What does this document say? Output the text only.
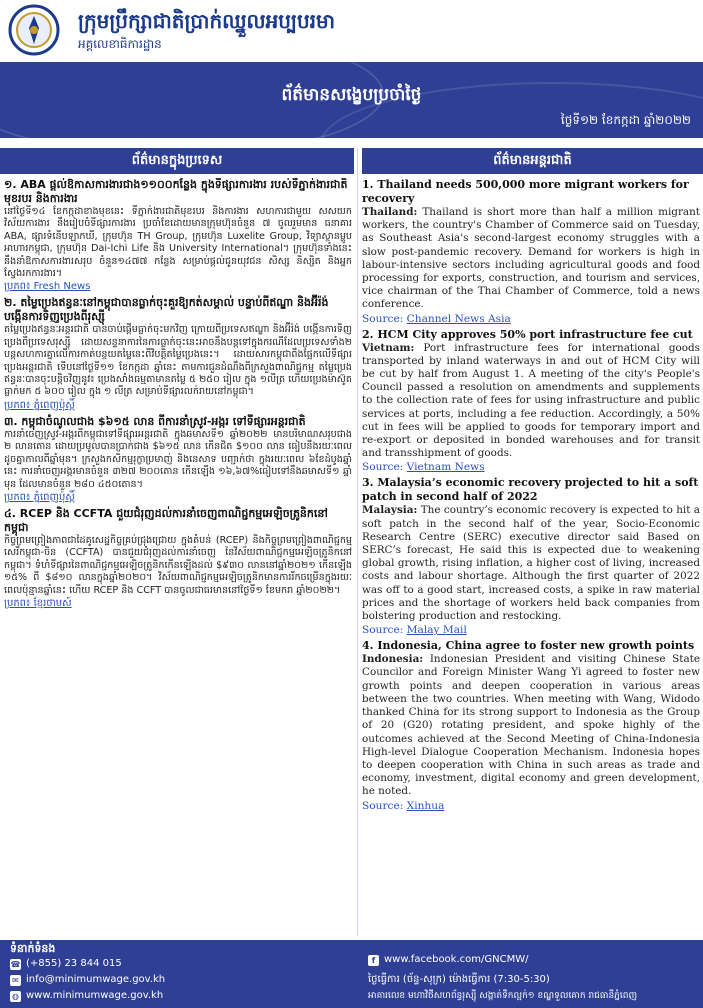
ក្រុមប្រឹក្សាជាតិប្រាក់ឈ្នួលអប្បបរមា
អគ្គលេខាធិការដ្ឋាន
ព័ត៌មានសង្ខេបប្រចាំថ្ងៃ
ថ្ងៃទី១២ ខែកក្កដា ឆ្នាំ២០២២
ព័ត៌មានក្នុងប្រទេស	ព័ត៌មានអន្តរជាតិ
១. ABA ផ្ដល់ឱកាសការងារជាង១១០០កន្លែង ក្នុងទីផ្សារការងារ របស់ទីភ្នាក់ងារជាតិមុខរបរ និងការងារ
នៅថ្ងៃទី១៤ ខែកក្កដាខាងមុខនេះ ទីភ្នាក់ងារជាតិមុខរបរ និងការងារ សហការជាមួយ សសយក វិស័យការងារ នឹងរៀបចំទីផ្សារការងារ ប្រចាំខែដោយមានក្រុមហ៊ុនចំនួន ៧ ចូលរួមមាន ធនាគារ ABA, ផ្សារទំនើបឡាកឃី, ក្រុមហ៊ុន TH Group, ក្រុមហ៊ុន Luxelite Group, វិទ្យាស្ថានម្ហូបអាហារកម្ពុជា, ក្រុមហ៊ុន Dai-Ichi Life និង University International។ ក្រុមហ៊ុនទាំងនេះ នឹងនាំឱកាសការងារសរុប ចំនួន១៤៧៧ កន្លែង សម្រាប់ផ្ដល់ជូនយុវជន សិស្ស និស្សិត និងអ្នកស្វែងរកការងារ។
ប្រភព៖ Fresh News
២. តម្លៃប្រេងឥន្ធនៈនៅកម្ពុជាបានធ្លាក់ចុះគួរឱ្យកត់សម្គាល់ បន្ទាប់ពីឥណ្ឌា និងអ៊ីរ៉ង់ បង្កើនការទិញប្រេងពីរុស្ស៊ី
តម្លៃប្រេងឥន្ធនៈអន្តរជាតិ បានចាប់ផ្ដើមធ្លាក់ចុះមកវិញ ក្រោយពីប្រទេសឥណ្ឌា និងអ៊ីរ៉ង់ បង្កើនការទិញប្រេងពីប្រទេសរុស្ស៊ី ដោយសន្ទនាការនៃការធ្លាក់ចុះនេះអាចនឹងបន្តទៅក្នុងករណីដែលប្រទេសទាំង២ បន្តសហការគ្នាលើការកាត់បន្ថយតម្លៃនេះពីវិបត្តិតម្លៃប្រេងនេះ។ ដោយសារកម្ពុជាពឹងផ្អែកលើទីផ្សារប្រេងអន្តរជាតិ ទើបនៅថ្ងៃទី១១ ខែកក្កដា ឆ្នាំនេះ តាមការជួនដំណឹងពីក្រសួងពាណិជ្ជកម្ម តម្លៃប្រេងឥន្ធនៈបានចុះបន្តិចវិញនូវ៖ ប្រេងសាំងធម្មតាមានតម្លៃ ៥ ២៥០ រៀល ក្នុង ១លីត្រ ហើយប្រេងម៉ាស៊ូត ធ្លាក់មក ៥ ៦០០ រៀល ក្នុង ១ លីត្រ សម្រាប់ទីផ្សារលក់រាយនៅកម្ពុជា។
ប្រភព៖ ភ្នំពេញប៉ុស្តិ៍
៣. កម្ពុជាចំណូលជាង $៦១៥ លាន ពីការនាំស្រូវ-អង្ករ ទៅទីផ្សារអន្តរជាតិ
ការនាំចេញស្រូវ-អង្ករពីកម្ពុជាទៅទីផ្សារអន្តរជាតិ ក្នុងឆមាសទី១ ឆ្នាំ២០២២ មានបរិមាណសរុបជាង ២ លានតោន ដោយប្រមូលបានប្រាក់ជាង $៦១៥ លាន កើនជិត $១០០ លាន ធៀបនឹងរយៈពេលដូចគ្នាកាលពីឆ្នាំមុន។ ក្រសួងកសិកម្មរុក្ខាប្រមាញ់ និងនេសាទ បញ្ជាក់ថា ក្នុងរយៈពេល ៦ខែដំបូងឆ្នាំនេះ ការនាំចេញអង្ករមានចំនួន ៣២៧ ២០០តោន កើនឡើង ១៦,៦៧%ធៀបទៅនឹងឆមាសទី១ ឆ្នាំមុន ដែលមានចំនួន ២៨០ ៤៥០តោន។
ប្រភព៖ ភ្នំពេញប៉ុស្តិ៍
៤. RCEP និង CCFTA ជួយជំរុញដល់ការនាំចេញពាណិជ្ជកម្មអេឡិចត្រូនិកនៅកម្ពុជា
កិច្ចព្រមព្រៀងភាពជាដៃគូសេដ្ឋកិច្ចគ្រប់ជ្រុងជ្រោយ ក្នុងតំបន់ (RCEP) និងកិច្ចព្រមព្រៀងពាណិជ្ជកម្មសេរីកម្ពុជា-ចិន (CCFTA) បានជួយជំរុញដល់ការនាំចេញ នៃវិស័យពាណិជ្ជកម្មអេឡិចត្រូនិកនៅកម្ពុជា។ ទំហំទីផ្សារនៃពាណិជ្ជកម្មអេឡិចត្រូនិកកើនឡើងដល់ $៩៣០ លាននៅឆ្នាំ២០២១ កើនឡើង ១៥% ពី $៨១០ លានក្នុងឆ្នាំ២០២០។ វិស័យពាណិជ្ជកម្មអេឡិចត្រូនិកមានការរីកចម្រើនក្នុងរយៈពេលប៉ុន្មានឆ្នាំនេះ ហើយ RCEP និង CCFT បានចូលជាធរមាននៅថ្ងៃទី១ ខែមករា ឆ្នាំ២០២២។
ប្រភព៖ ខ្មែរថាមស៍
1. Thailand needs 500,000 more migrant workers for recovery
Thailand: Thailand is short more than half a million migrant workers, the country's Chamber of Commerce said on Tuesday, as Southeast Asia's second-largest economy struggles with a slow post-pandemic recovery. Demand for workers is high in labour-intensive sectors including agricultural goods and food processing for exports, construction, and tourism and services, vice chairman of the Thai Chamber of Commerce, told a news conference.
Source: Channel News Asia
2. HCM City approves 50% port infrastructure fee cut
Vietnam: Port infrastructure fees for international goods transported by inland waterways in and out of HCM City will be cut by half from August 1. A meeting of the city's People's Council passed a resolution on amendments and supplements to the collection rate of fees for using infrastructure and public services at ports, including a fee reduction. Accordingly, a 50% cut in fees will be applied to goods for temporary import and re-export or deposited in bonded warehouses and for transit and transshipment of goods.
Source: Vietnam News
3. Malaysia’s economic recovery projected to hit a soft patch in second half of 2022
Malaysia: The country’s economic recovery is expected to hit a soft patch in the second half of the year, Socio-Economic Research Centre (SERC) executive director said Based on SERC’s forecast, He said this is expected due to weakening global growth, rising inflation, a higher cost of living, increased costs and labour shortage. Although the first quarter of 2022 was off to a good start, increased costs, a spike in raw material prices and the shortage of workers held back companies from bolstering production and restocking.
Source: Malay Mail
4. Indonesia, China agree to foster new growth points
Indonesia: Indonesian President and visiting Chinese State Councilor and Foreign Minister Wang Yi agreed to foster new growth points and deepen cooperation in various areas between the two countries. When meeting with Wang, Widodo thanked China for its strong support to Indonesia as the Group of 20 (G20) rotating president, and spoke highly of the outcomes achieved at the Second Meeting of China-Indonesia High-level Dialogue Cooperation Mechanism. Indonesia hopes to deepen cooperation with China in such areas as trade and economy, investment, digital economy and green development, he noted.
Source: Xinhua
ទំនាក់ទំនង
☎ (+855) 23 844 015
✉ info@minimumwage.gov.kh
◍ www.minimumwage.gov.kh
f www.facebook.com/GNCMW/
ថ្ងៃធ្វើការ (ច័ន្ទ-សុក្រ) ម៉ោងធ្វើការ (7:30-5:30)
អាគារលេខ មហាវិថីសហព័ន្ធរុស្ស៊ី សង្កាត់ទឹកល្អក់១ ខណ្ឌទួលគោក រាជធានីភ្នំពេញ
